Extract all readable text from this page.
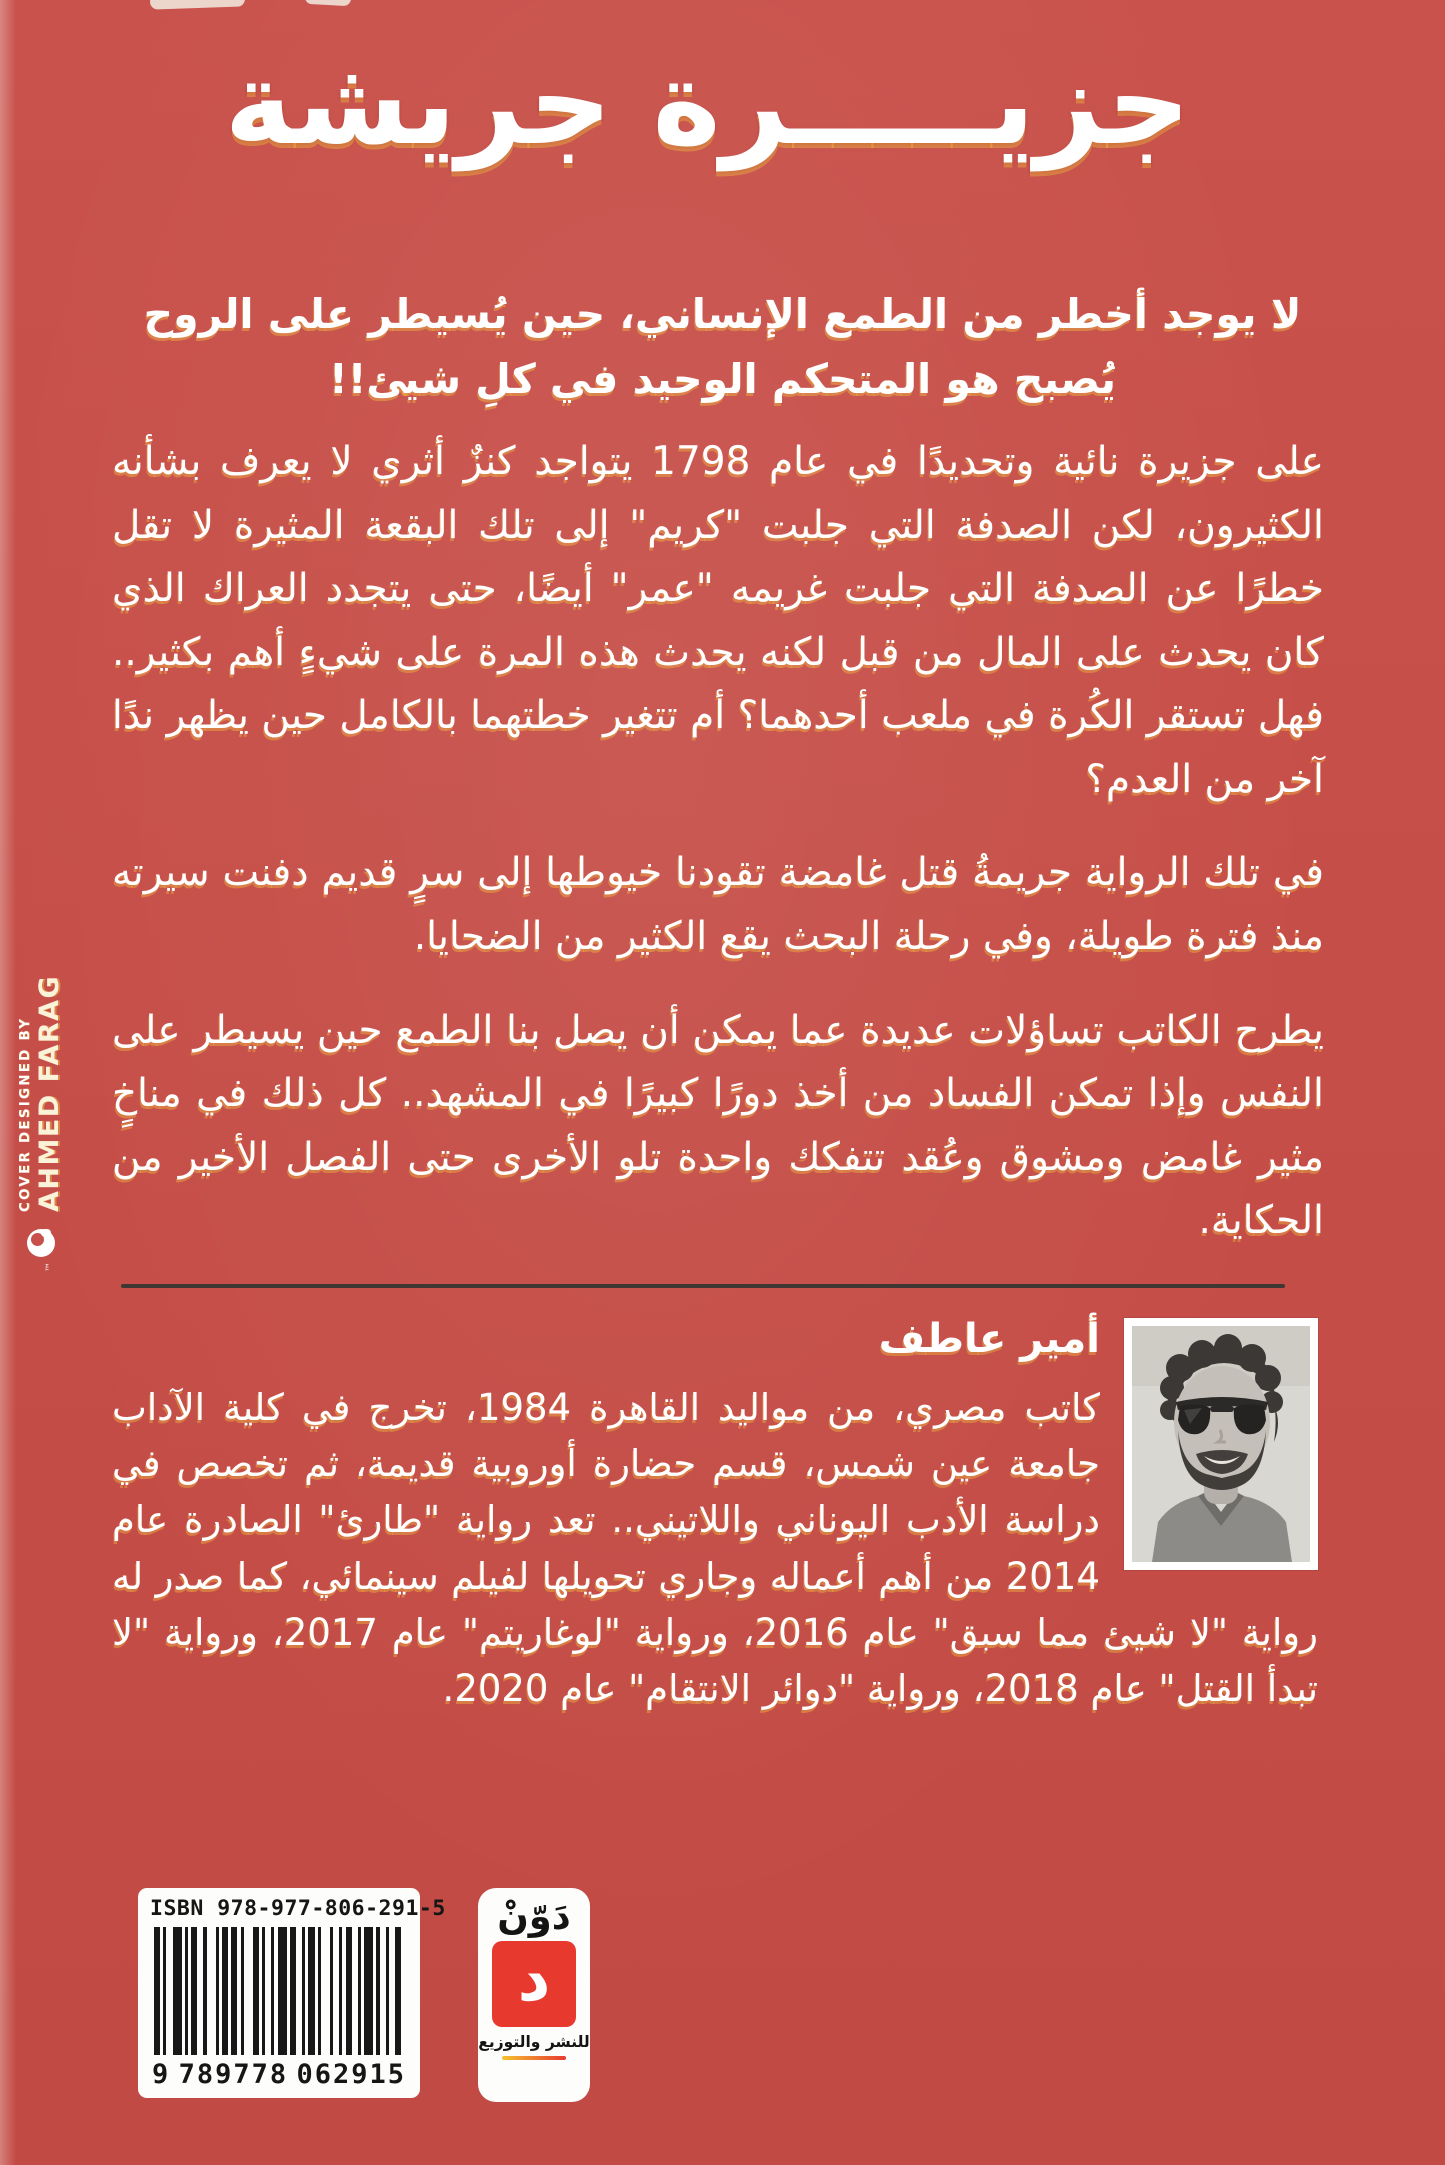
™
COVER DESIGNED BY AHMED FARAG
جزيـــــرة جريشة
لا يوجد أخطر من الطمع الإنساني، حين يُسيطر على الروح
يُصبح هو المتحكم الوحيد في كلِ شيئ!!

على جزيرة نائية وتحديدًا في عام 1798 يتواجد كنزٌ أثري لا يعرف بشأنه الكثيرون، لكن الصدفة التي جلبت "كريم" إلى تلك البقعة المثيرة لا تقل خطرًا عن الصدفة التي جلبت غريمه "عمر" أيضًا، حتى يتجدد العراك الذي كان يحدث على المال من قبل لكنه يحدث هذه المرة على شيءٍ أهم بكثير.. فهل تستقر الكُرة في ملعب أحدهما؟ أم تتغير خطتهما بالكامل حين يظهر ندًا آخر من العدم؟

في تلك الرواية جريمةُ قتل غامضة تقودنا خيوطها إلى سرٍ قديم دفنت سيرته منذ فترة طويلة، وفي رحلة البحث يقع الكثير من الضحايا.

يطرح الكاتب تساؤلات عديدة عما يمكن أن يصل بنا الطمع حين يسيطر على النفس وإذا تمكن الفساد من أخذ دورًا كبيرًا في المشهد.. كل ذلك في مناخٍ مثير غامض ومشوق وعُقد تتفكك واحدة تلو الأخرى حتى الفصل الأخير من الحكاية.

أمير عاطف

كاتب مصري، من مواليد القاهرة 1984، تخرج في كلية الآداب جامعة عين شمس، قسم حضارة أوروبية قديمة، ثم تخصص في دراسة الأدب اليوناني واللاتيني.. تعد رواية "طارئ" الصادرة عام 2014 من أهم أعماله وجاري تحويلها لفيلم سينمائي، كما صدر له رواية "لا شيئ مما سبق" عام 2016، ورواية "لوغاريتم" عام 2017، ورواية "لا تبدأ القتل" عام 2018، ورواية "دوائر الانتقام" عام 2020.

ISBN 978-977-806-291-5
9 789778 062915
دَوّنْ
د
للنشر والتوزيع
